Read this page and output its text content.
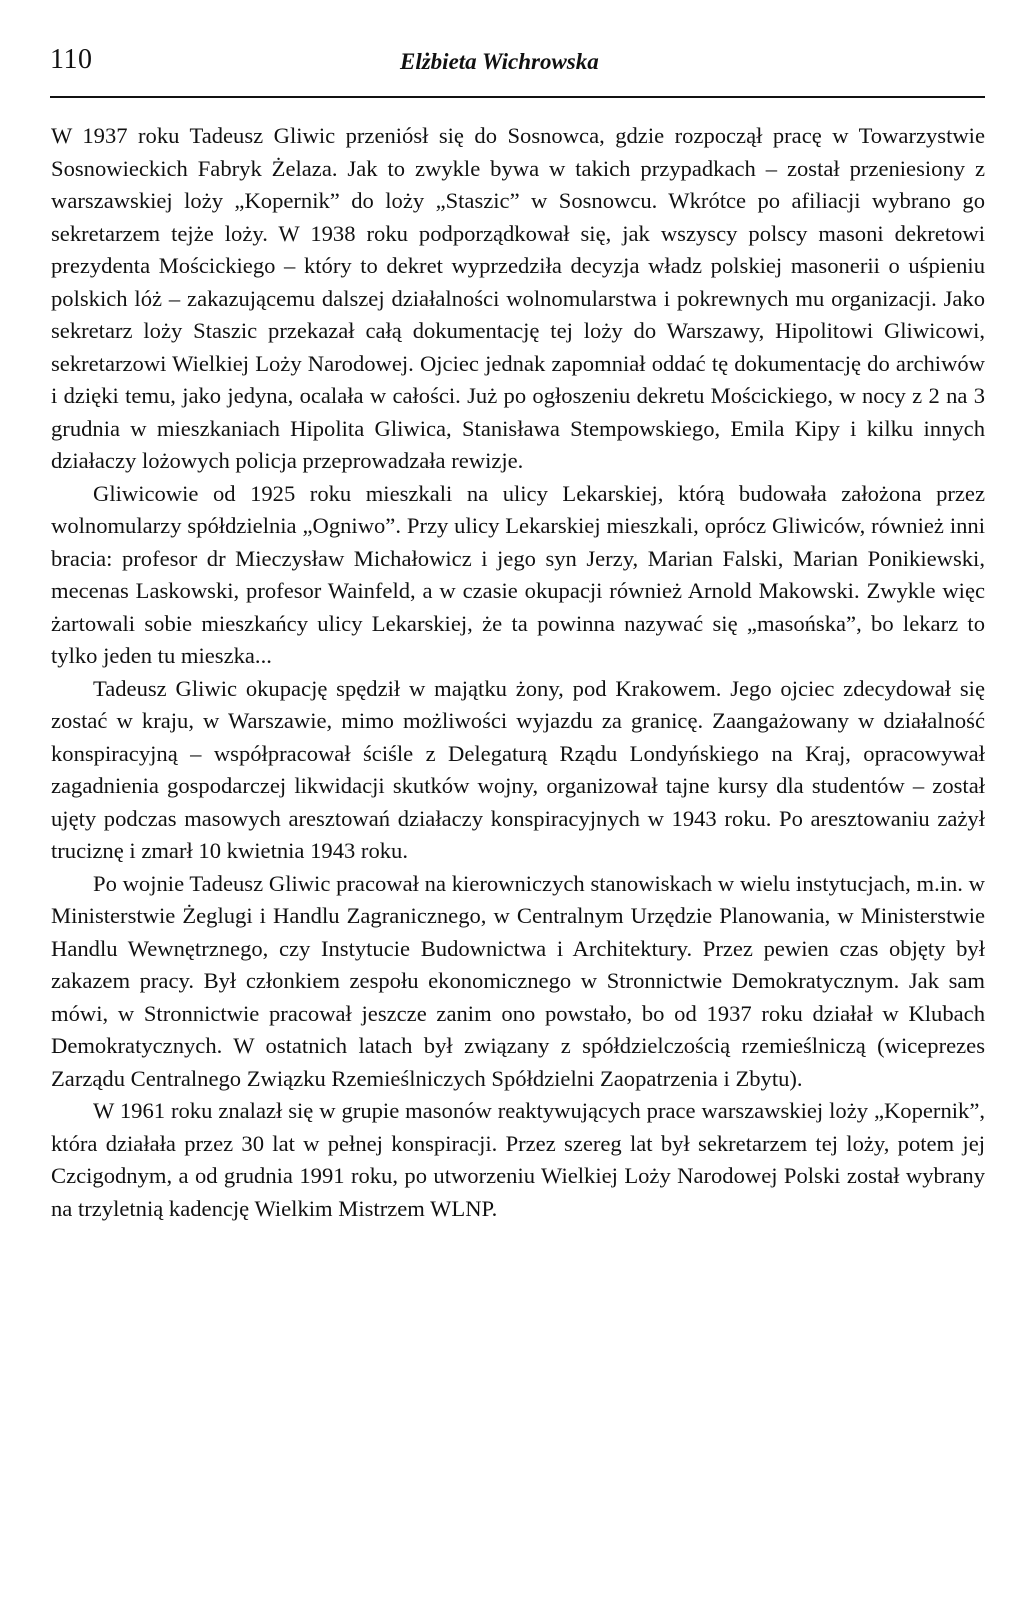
110	Elżbieta Wichrowska

W 1937 roku Tadeusz Gliwic przeniósł się do Sosnowca, gdzie rozpoczął pracę w Towarzystwie Sosnowieckich Fabryk Żelaza. Jak to zwykle bywa w takich przypadkach – został przeniesiony z warszawskiej loży „Kopernik” do loży „Staszic” w Sosnowcu. Wkrótce po afiliacji wybrano go sekretarzem tejże loży. W 1938 roku podporządkował się, jak wszyscy polscy masoni dekretowi prezydenta Mościckiego – który to dekret wyprzedziła decyzja władz polskiej masonerii o uśpieniu polskich lóż – zakazującemu dalszej działalności wolnomularstwa i pokrewnych mu organizacji. Jako sekretarz loży Staszic przekazał całą dokumentację tej loży do Warszawy, Hipolitowi Gliwicowi, sekretarzowi Wielkiej Loży Narodowej. Ojciec jednak zapomniał oddać tę dokumentację do archiwów i dzięki temu, jako jedyna, ocalała w całości. Już po ogłoszeniu dekretu Mościckiego, w nocy z 2 na 3 grudnia w mieszkaniach Hipolita Gliwica, Stanisława Stempowskiego, Emila Kipy i kilku innych działaczy lożowych policja przeprowadzała rewizje.

Gliwicowie od 1925 roku mieszkali na ulicy Lekarskiej, którą budowała założona przez wolnomularzy spółdzielnia „Ogniwo”. Przy ulicy Lekarskiej mieszkali, oprócz Gliwiców, również inni bracia: profesor dr Mieczysław Michałowicz i jego syn Jerzy, Marian Falski, Marian Ponikiewski, mecenas Laskowski, profesor Wainfeld, a w czasie okupacji również Arnold Makowski. Zwykle więc żartowali sobie mieszkańcy ulicy Lekarskiej, że ta powinna nazywać się „masońska”, bo lekarz to tylko jeden tu mieszka...

Tadeusz Gliwic okupację spędził w majątku żony, pod Krakowem. Jego ojciec zdecydował się zostać w kraju, w Warszawie, mimo możliwości wyjazdu za granicę. Zaangażowany w działalność konspiracyjną – współpracował ściśle z Delegaturą Rządu Londyńskiego na Kraj, opracowywał zagadnienia gospodarczej likwidacji skutków wojny, organizował tajne kursy dla studentów – został ujęty podczas masowych aresztowań działaczy konspiracyjnych w 1943 roku. Po aresztowaniu zażył truciznę i zmarł 10 kwietnia 1943 roku.

Po wojnie Tadeusz Gliwic pracował na kierowniczych stanowiskach w wielu instytucjach, m.in. w Ministerstwie Żeglugi i Handlu Zagranicznego, w Centralnym Urzędzie Planowania, w Ministerstwie Handlu Wewnętrznego, czy Instytucie Budownictwa i Architektury. Przez pewien czas objęty był zakazem pracy. Był członkiem zespołu ekonomicznego w Stronnictwie Demokratycznym. Jak sam mówi, w Stronnictwie pracował jeszcze zanim ono powstało, bo od 1937 roku działał w Klubach Demokratycznych. W ostatnich latach był związany z spółdzielczością rzemieślniczą (wiceprezes Zarządu Centralnego Związku Rzemieślniczych Spółdzielni Zaopatrzenia i Zbytu).

W 1961 roku znalazł się w grupie masonów reaktywujących prace warszawskiej loży „Kopernik”, która działała przez 30 lat w pełnej konspiracji. Przez szereg lat był sekretarzem tej loży, potem jej Czcigodnym, a od grudnia 1991 roku, po utworzeniu Wielkiej Loży Narodowej Polski został wybrany na trzyletnią kadencję Wielkim Mistrzem WLNP.
